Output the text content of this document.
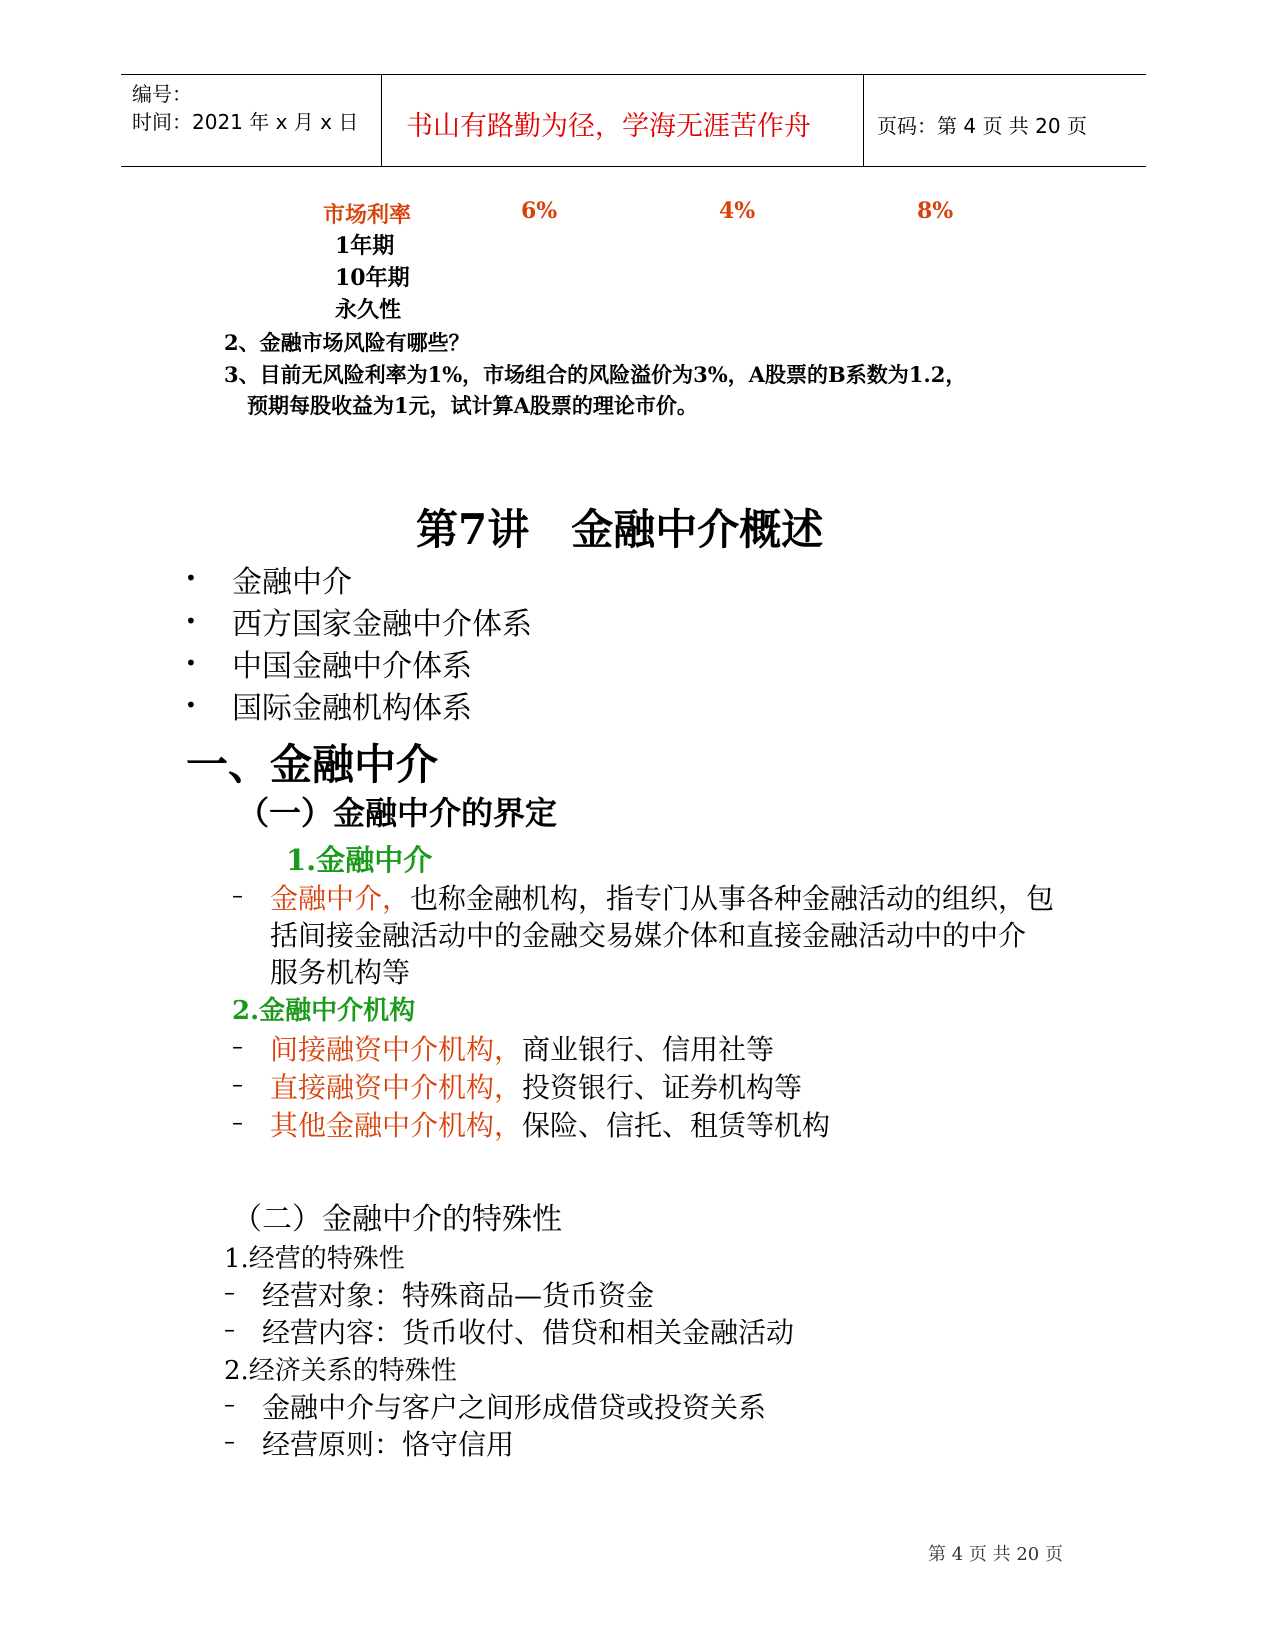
编号：
时间：2021 年 x 月 x 日 书山有路勤为径，学海无涯苦作舟	页码：第 4 页 共 20 页
市场利率	6%	4%	8%
1年期
10年期
永久性
2、金融市场风险有哪些？
3、目前无风险利率为1%，市场组合的风险溢价为3%，A股票的B系数为1.2，
预期每股收益为1元，试计算A股票的理论市价。
第7讲　金融中介概述
• 金融中介
• 西方国家金融中介体系
• 中国金融中介体系
• 国际金融机构体系
一、金融中介
（一）金融中介的界定
1.金融中介
– 金融中介，也称金融机构，指专门从事各种金融活动的组织，包
括间接金融活动中的金融交易媒介体和直接金融活动中的中介
服务机构等
2.金融中介机构
– 间接融资中介机构，商业银行、信用社等
– 直接融资中介机构，投资银行、证券机构等
– 其他金融中介机构，保险、信托、租赁等机构
（二）金融中介的特殊性
1.经营的特殊性
– 经营对象：特殊商品—货币资金
– 经营内容：货币收付、借贷和相关金融活动
2.经济关系的特殊性
– 金融中介与客户之间形成借贷或投资关系
– 经营原则：恪守信用
第 4 页 共 20 页
